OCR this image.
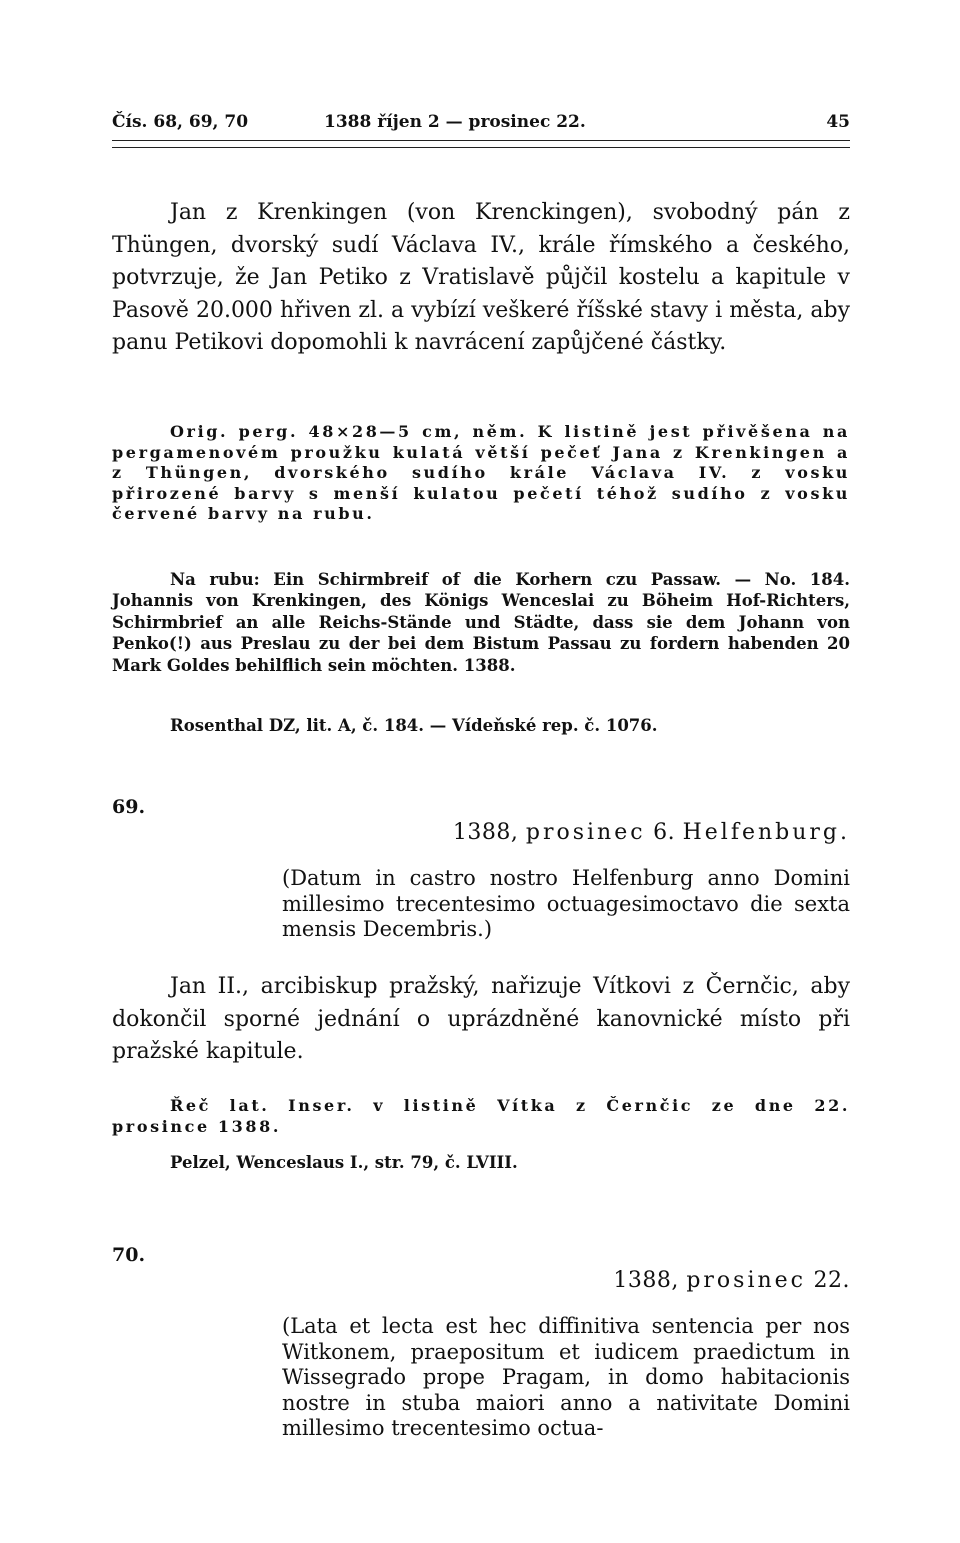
Čís. 68, 69, 70	1388 říjen 2 — prosinec 22.	45

Jan z Krenkingen (von Krenckingen), svobodný pán z Thüngen, dvorský sudí Václava IV., krále římského a českého, potvrzuje, že Jan Petiko z Vratislavě půjčil kostelu a kapitule v Pasově 20.000 hřiven zl. a vybízí veškeré říšské stavy i města, aby panu Petikovi dopomohli k navrácení zapůjčené částky.

Orig. perg. 48×28—5 cm, něm. K listině jest přivěšena na pergamenovém proužku kulatá větší pečeť Jana z Krenkingen a z Thüngen, dvorského sudího krále Václava IV. z vosku přirozené barvy s menší kulatou pečetí téhož sudího z vosku červené barvy na rubu.

Na rubu: Ein Schirmbreif of die Korhern czu Passaw. — No. 184. Johannis von Krenkingen, des Königs Wenceslai zu Böheim Hof-Richters, Schirmbrief an alle Reichs-Stände und Städte, dass sie dem Johann von Penko(!) aus Preslau zu der bei dem Bistum Passau zu fordern habenden 20 Mark Goldes behilflich sein möchten. 1388.

Rosenthal DZ, lit. A, č. 184. — Vídeňské rep. č. 1076.

69.
1388, prosinec 6. Helfenburg.

(Datum in castro nostro Helfenburg anno Domini millesimo trecentesimo octuagesimoctavo die sexta mensis Decembris.)

Jan II., arcibiskup pražský, nařizuje Vítkovi z Černčic, aby dokončil sporné jednání o uprázdněné kanovnické místo při pražské kapitule.

Řeč lat. Inser. v listině Vítka z Černčic ze dne 22. prosince 1388.

Pelzel, Wenceslaus I., str. 79, č. LVIII.

70.
1388, prosinec 22.

(Lata et lecta est hec diffinitiva sentencia per nos Witkonem, praepositum et iudicem praedictum in Wissegrado prope Pragam, in domo habitacionis nostre in stuba maiori anno a nativitate Domini millesimo trecentesimo octua-
